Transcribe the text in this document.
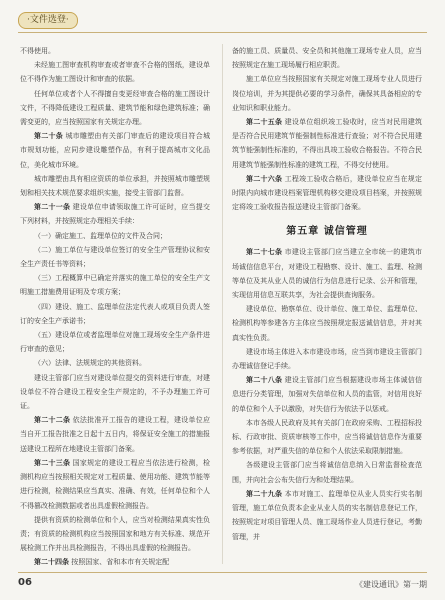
·文件选登·

不得使用。

未经施工图审查机构审查或者审查不合格的图纸，建设单位不得作为施工图设计和审查的依据。

任何单位或者个人不得擅自变更经审查合格的施工图设计文件，不得降低建设工程质量、建筑节能和绿色建筑标准；确需变更的，应当按照国家有关规定办理。

第二十条 城市雕塑由有关部门审查后的建设项目符合城市规划功能，应同步建设雕塑作品，有利于提高城市文化品位，美化城市环境。

城市雕塑由具有相应资质的单位承担，并按照城市雕塑规划和相关技术规范要求组织实施，接受主管部门监督。

第二十一条 建设单位申请领取施工许可证时，应当提交下列材料，并按照规定办理相关手续：

（一）确定施工、监理单位的文件及合同；

（二）施工单位与建设单位签订的安全生产管理协议和安全生产责任书等资料；

（三）工程概算中已确定并落实的施工单位的安全生产文明施工措施费用证明及专项方案；

（四）建设、施工、监理单位法定代表人或项目负责人签订的安全生产承诺书；

（五）建设单位或者监理单位对施工现场安全生产条件进行审查的意见；

（六）法律、法规规定的其他资料。

建设主管部门应当对建设单位提交的资料进行审查，对建设单位不符合建设工程安全生产规定的，不予办理施工许可证。

第二十二条 依法批准开工报告的建设工程，建设单位应当自开工报告批准之日起十五日内，将保证安全施工的措施报送建设工程所在地建设主管部门备案。

第二十三条 国家规定的建设工程应当依法进行检测，检测机构应当按照相关规定对工程质量、使用功能、建筑节能等进行检测，检测结果应当真实、准确、有效，任何单位和个人不得篡改检测数据或者出具虚假检测报告。

提供有资质的检测单位和个人，应当对检测结果真实性负责；有资质的检测机构应当按照国家和地方有关标准、规范开展检测工作并出具检测报告，不得出具虚假的检测报告。

第二十四条 按照国家、省和本市有关规定配

备的施工员、质量员、安全员和其他施工现场专业人员，应当按照规定在施工现场履行相应职责。

施工单位应当按照国家有关规定对施工现场专业人员进行岗位培训，并为其提供必要的学习条件，确保其具备相应的专业知识和职业能力。

第二十五条 建设单位组织竣工验收时，应当对民用建筑是否符合民用建筑节能强制性标准进行查验；对不符合民用建筑节能强制性标准的，不得出具竣工验收合格报告。不符合民用建筑节能强制性标准的建筑工程，不得交付使用。

第二十六条 工程竣工验收合格后，建设单位应当在规定时限内向城市建设档案管理机构移交建设项目档案，并按照规定将竣工验收报告报送建设主管部门备案。

第五章 诚信管理

第二十七条 市建设主管部门应当建立全市统一的建筑市场诚信信息平台，对建设工程勘察、设计、施工、监理、检测等单位及其从业人员的诚信行为信息进行记录、公开和管理，实现信用信息互联共享，为社会提供查询服务。

建设单位、勘察单位、设计单位、施工单位、监理单位、检测机构等参建各方主体应当按照规定报送诚信信息，并对其真实性负责。

建设市场主体进入本市建设市场，应当到市建设主管部门办理诚信登记手续。

第二十八条 建设主管部门应当根据建设市场主体诚信信息进行分类管理，加强对失信单位和人员的监管，对信用良好的单位和个人予以激励，对失信行为依法予以惩戒。

本市各级人民政府及其有关部门在政府采购、工程招标投标、行政审批、资质审核等工作中，应当将诚信信息作为重要参考依据，对严重失信的单位和个人依法采取限制措施。

各级建设主管部门应当将诚信信息纳入日常监督检查范围，并向社会公布失信行为和处理结果。

第二十九条 本市对施工、监理单位从业人员实行实名制管理，施工单位负责本企业从业人员的实名制信息登记工作，按照规定对项目管理人员、施工现场作业人员进行登记，考勤管理，并

06	《建设通讯》第一期
